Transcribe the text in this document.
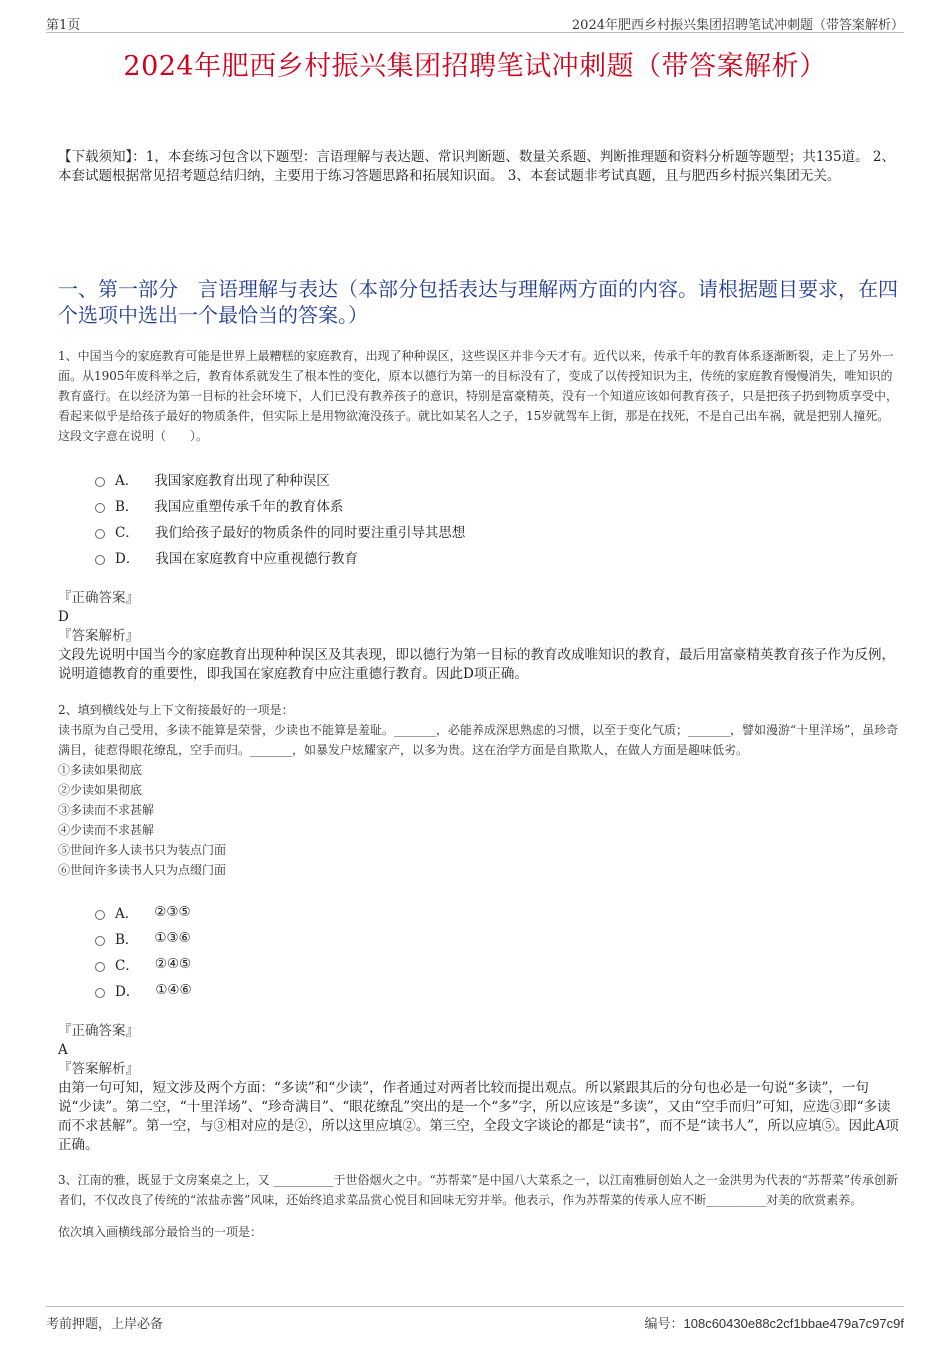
第1页	2024年肥西乡村振兴集团招聘笔试冲刺题（带答案解析）
2024年肥西乡村振兴集团招聘笔试冲刺题（带答案解析）
【下载须知】：1，本套练习包含以下题型：言语理解与表达题、常识判断题、数量关系题、判断推理题和资料分析题等题型；共135道。 2、本套试题根据常见招考题总结归纳，主要用于练习答题思路和拓展知识面。 3、本套试题非考试真题，且与肥西乡村振兴集团无关。
一、第一部分　言语理解与表达（本部分包括表达与理解两方面的内容。请根据题目要求，在四个选项中选出一个最恰当的答案。）

1、中国当今的家庭教育可能是世界上最糟糕的家庭教育，出现了种种误区，这些误区并非今天才有。近代以来，传承千年的教育体系逐渐断裂，走上了另外一面。从1905年废科举之后，教育体系就发生了根本性的变化，原本以德行为第一的目标没有了，变成了以传授知识为主，传统的家庭教育慢慢消失，唯知识的教育盛行。在以经济为第一目标的社会环境下，人们已没有教养孩子的意识，特别是富豪精英，没有一个知道应该如何教育孩子，只是把孩子扔到物质享受中，看起来似乎是给孩子最好的物质条件，但实际上是用物欲淹没孩子。就比如某名人之子，15岁就驾车上街，那是在找死，不是自己出车祸，就是把别人撞死。

这段文字意在说明（　　）。

A． 我国家庭教育出现了种种误区
B． 我国应重塑传承千年的教育体系
C． 我们给孩子最好的物质条件的同时要注重引导其思想
D． 我国在家庭教育中应重视德行教育

『正确答案』

D

『答案解析』

文段先说明中国当今的家庭教育出现种种误区及其表现，即以德行为第一目标的教育改成唯知识的教育，最后用富豪精英教育孩子作为反例，说明道德教育的重要性，即我国在家庭教育中应注重德行教育。因此D项正确。

2、填到横线处与上下文衔接最好的一项是：

读书原为自己受用，多读不能算是荣誉，少读也不能算是羞耻。_______，必能养成深思熟虑的习惯，以至于变化气质；_______，譬如漫游“十里洋场”，虽珍奇满目，徒惹得眼花缭乱，空手而归。_______，如暴发户炫耀家产，以多为贵。这在治学方面是自欺欺人，在做人方面是趣味低劣。

①多读如果彻底

②少读如果彻底

③多读而不求甚解

④少读而不求甚解

⑤世间许多人读书只为装点门面

⑥世间许多读书人只为点缀门面

A． ②③⑤
B． ①③⑥
C． ②④⑤
D． ①④⑥

『正确答案』

A

『答案解析』

由第一句可知，短文涉及两个方面：“多读”和“少读”，作者通过对两者比较而提出观点。所以紧跟其后的分句也必是一句说“多读”，一句说“少读”。第二空，“十里洋场”、“珍奇满目”、“眼花缭乱”突出的是一个“多”字，所以应该是“多读”，又由“空手而归”可知，应选③即“多读而不求甚解”。第一空，与③相对应的是②，所以这里应填②。第三空，全段文字谈论的都是“读书”，而不是“读书人”，所以应填⑤。因此A项正确。

3、江南的雅，既显于文房案桌之上，又 __________于世俗烟火之中。“苏帮菜”是中国八大菜系之一，以江南雅厨创始人之一金洪男为代表的“苏帮菜”传承创新者们，不仅改良了传统的“浓盐赤酱”风味，还始终追求菜品赏心悦目和回味无穷并举。他表示，作为苏帮菜的传承人应不断__________对美的欣赏素养。

依次填入画横线部分最恰当的一项是：

考前押题，上岸必备	编号：108c60430e88c2cf1bbae479a7c97c9f
